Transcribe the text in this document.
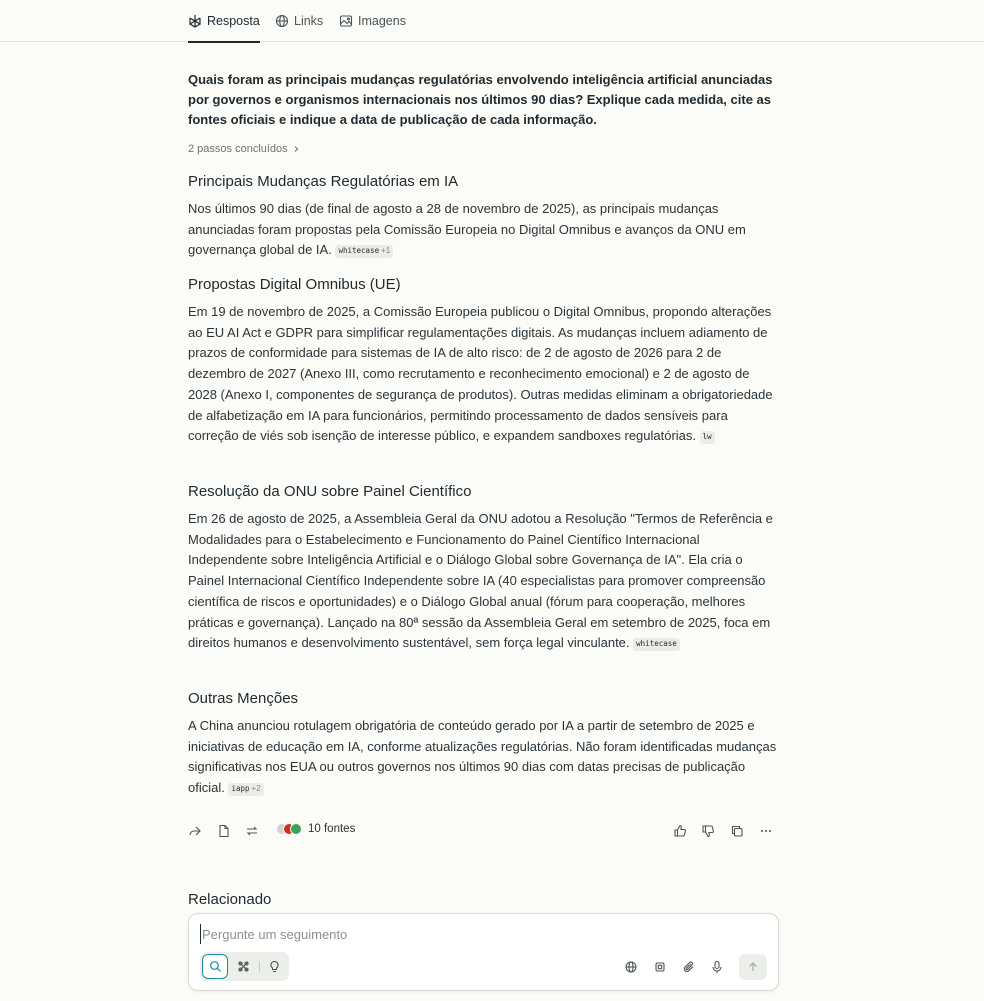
Resposta	Links	Imagens
Quais foram as principais mudanças regulatórias envolvendo inteligência artificial anunciadas por governos e organismos internacionais nos últimos 90 dias? Explique cada medida, cite as fontes oficiais e indique a data de publicação de cada informação.
2 passos concluídos
Principais Mudanças Regulatórias em IA

Nos últimos 90 dias (de final de agosto a 28 de novembro de 2025), as principais mudanças anunciadas foram propostas pela Comissão Europeia no Digital Omnibus e avanços da ONU em governança global de IA. whitecase +1

Propostas Digital Omnibus (UE)

Em 19 de novembro de 2025, a Comissão Europeia publicou o Digital Omnibus, propondo alterações ao EU AI Act e GDPR para simplificar regulamentações digitais. As mudanças incluem adiamento de prazos de conformidade para sistemas de IA de alto risco: de 2 de agosto de 2026 para 2 de dezembro de 2027 (Anexo III, como recrutamento e reconhecimento emocional) e 2 de agosto de 2028 (Anexo I, componentes de segurança de produtos). Outras medidas eliminam a obrigatoriedade de alfabetização em IA para funcionários, permitindo processamento de dados sensíveis para correção de viés sob isenção de interesse público, e expandem sandboxes regulatórias. lw

Resolução da ONU sobre Painel Científico

Em 26 de agosto de 2025, a Assembleia Geral da ONU adotou a Resolução "Termos de Referência e Modalidades para o Estabelecimento e Funcionamento do Painel Científico Internacional Independente sobre Inteligência Artificial e o Diálogo Global sobre Governança de IA". Ela cria o Painel Internacional Científico Independente sobre IA (40 especialistas para promover compreensão científica de riscos e oportunidades) e o Diálogo Global anual (fórum para cooperação, melhores práticas e governança). Lançado na 80ª sessão da Assembleia Geral em setembro de 2025, foca em direitos humanos e desenvolvimento sustentável, sem força legal vinculante. whitecase

Outras Menções

A China anunciou rotulagem obrigatória de conteúdo gerado por IA a partir de setembro de 2025 e iniciativas de educação em IA, conforme atualizações regulatórias. Não foram identificadas mudanças significativas nos EUA ou outros governos nos últimos 90 dias com datas precisas de publicação oficial. iapp +2

10 fontes
Relacionado
Pergunte um seguimento
